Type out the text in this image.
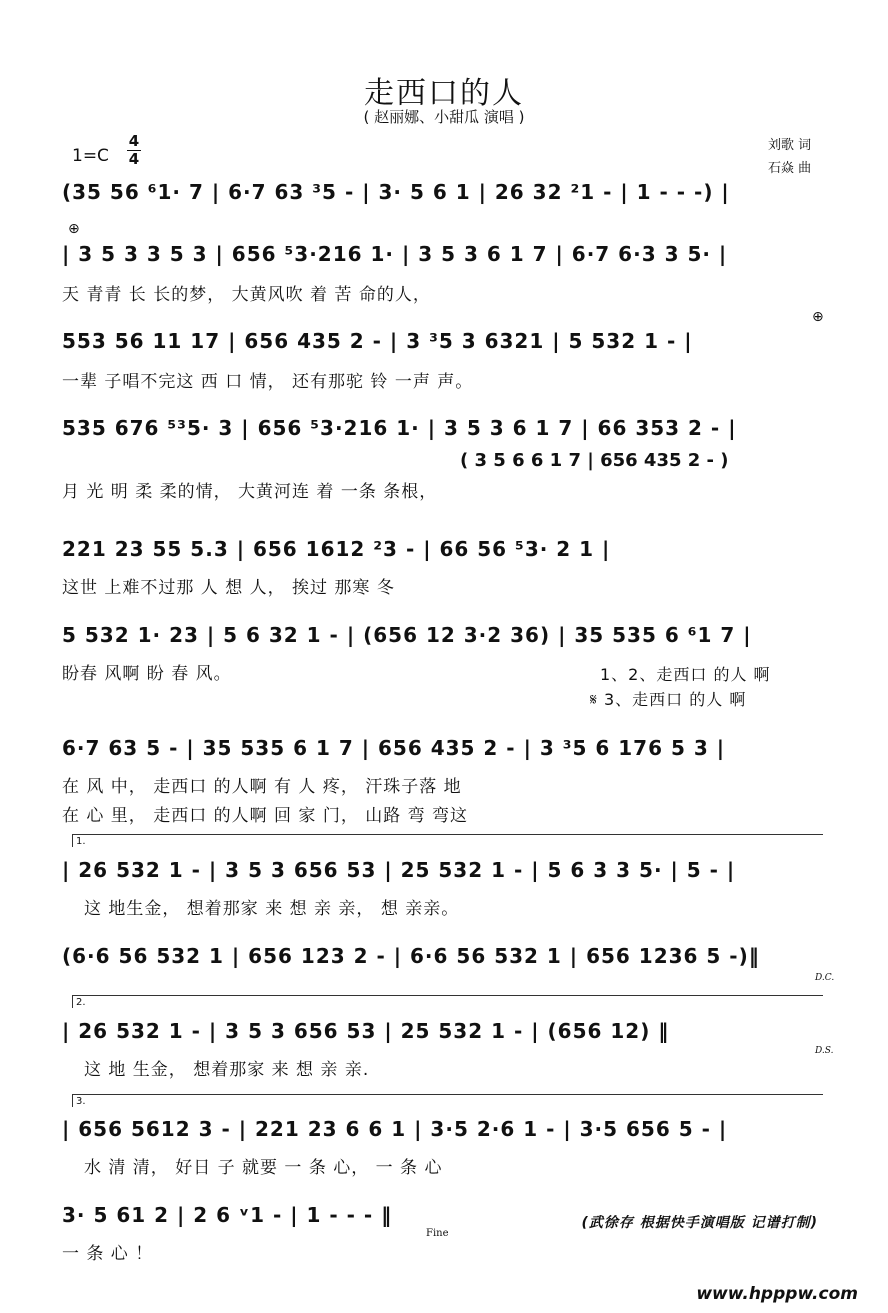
走西口的人
( 赵丽娜、小甜瓜 演唱 )
1=C
4
4
刘歌 词
石焱 曲
(35 56 ⁶1· 7 | 6·7 63 ³5 - | 3· 5 6 1 | 26 32 ²1 - | 1 - - -) |
⊕
| 3 5 3 3 5 3 | 656 ⁵3·216 1· | 3 5 3 6 1 7 | 6·7 6·3 3 5· |
天 青青 长 长的梦， 大黄风吹 着 苦 命的人，
553 56 11 17 | 656 435 2 - | 3 ³5 3 6321 | 5 532 1 - |
一辈 子唱不完这 西 口 情， 还有那驼 铃 一声 声。
⊕
535 676 ⁵³5· 3 | 656 ⁵3·216 1· | 3 5 3 6 1 7 | 66 353 2 - |
( 3 5 6 6 1 7 | 656 435 2 - )
月 光 明 柔 柔的情， 大黄河连 着 一条 条根，
221 23 55 5.3 | 656 1612 ²3 - | 66 56 ⁵3· 2 1 |
这世 上难不过那 人 想 人， 挨过 那寒 冬
5 532 1· 23 | 5 6 32 1 - | (656 12 3·2 36) | 35 535 6 ⁶1 7 |
盼春 风啊 盼 春 风。	1、2、走西口 的人 啊
𝄋 3、走西口 的人 啊
6·7 63 5 - | 35 535 6 1 7 | 656 435 2 - | 3 ³5 6 176 5 3 |
在 风 中， 走西口 的人啊 有 人 疼， 汗珠子落 地
在 心 里， 走西口 的人啊 回 家 门， 山路 弯 弯这
1.
| 26 532 1 - | 3 5 3 656 53 | 25 532 1 - | 5 6 3 3 5· | 5 - |
这 地生金， 想着那家 来 想 亲 亲， 想 亲亲。
(6·6 56 532 1 | 656 123 2 - | 6·6 56 532 1 | 656 1236 5 -)‖
D.C.
2.
| 26 532 1 - | 3 5 3 656 53 | 25 532 1 - | (656 12) ‖
这 地 生金， 想着那家 来 想 亲 亲.
D.S.
3.
| 656 5612 3 - | 221 23 6 6 1 | 3·5 2·6 1 - | 3·5 656 5 - |
水 清 清， 好日 子 就要 一 条 心， 一 条 心
3· 5 61 2 | 2 6 ᵛ1 - | 1 - - - ‖
一 条 心 ！
Fine
(武徐存 根据快手演唱版 记谱打制)
www.hpppw.com
